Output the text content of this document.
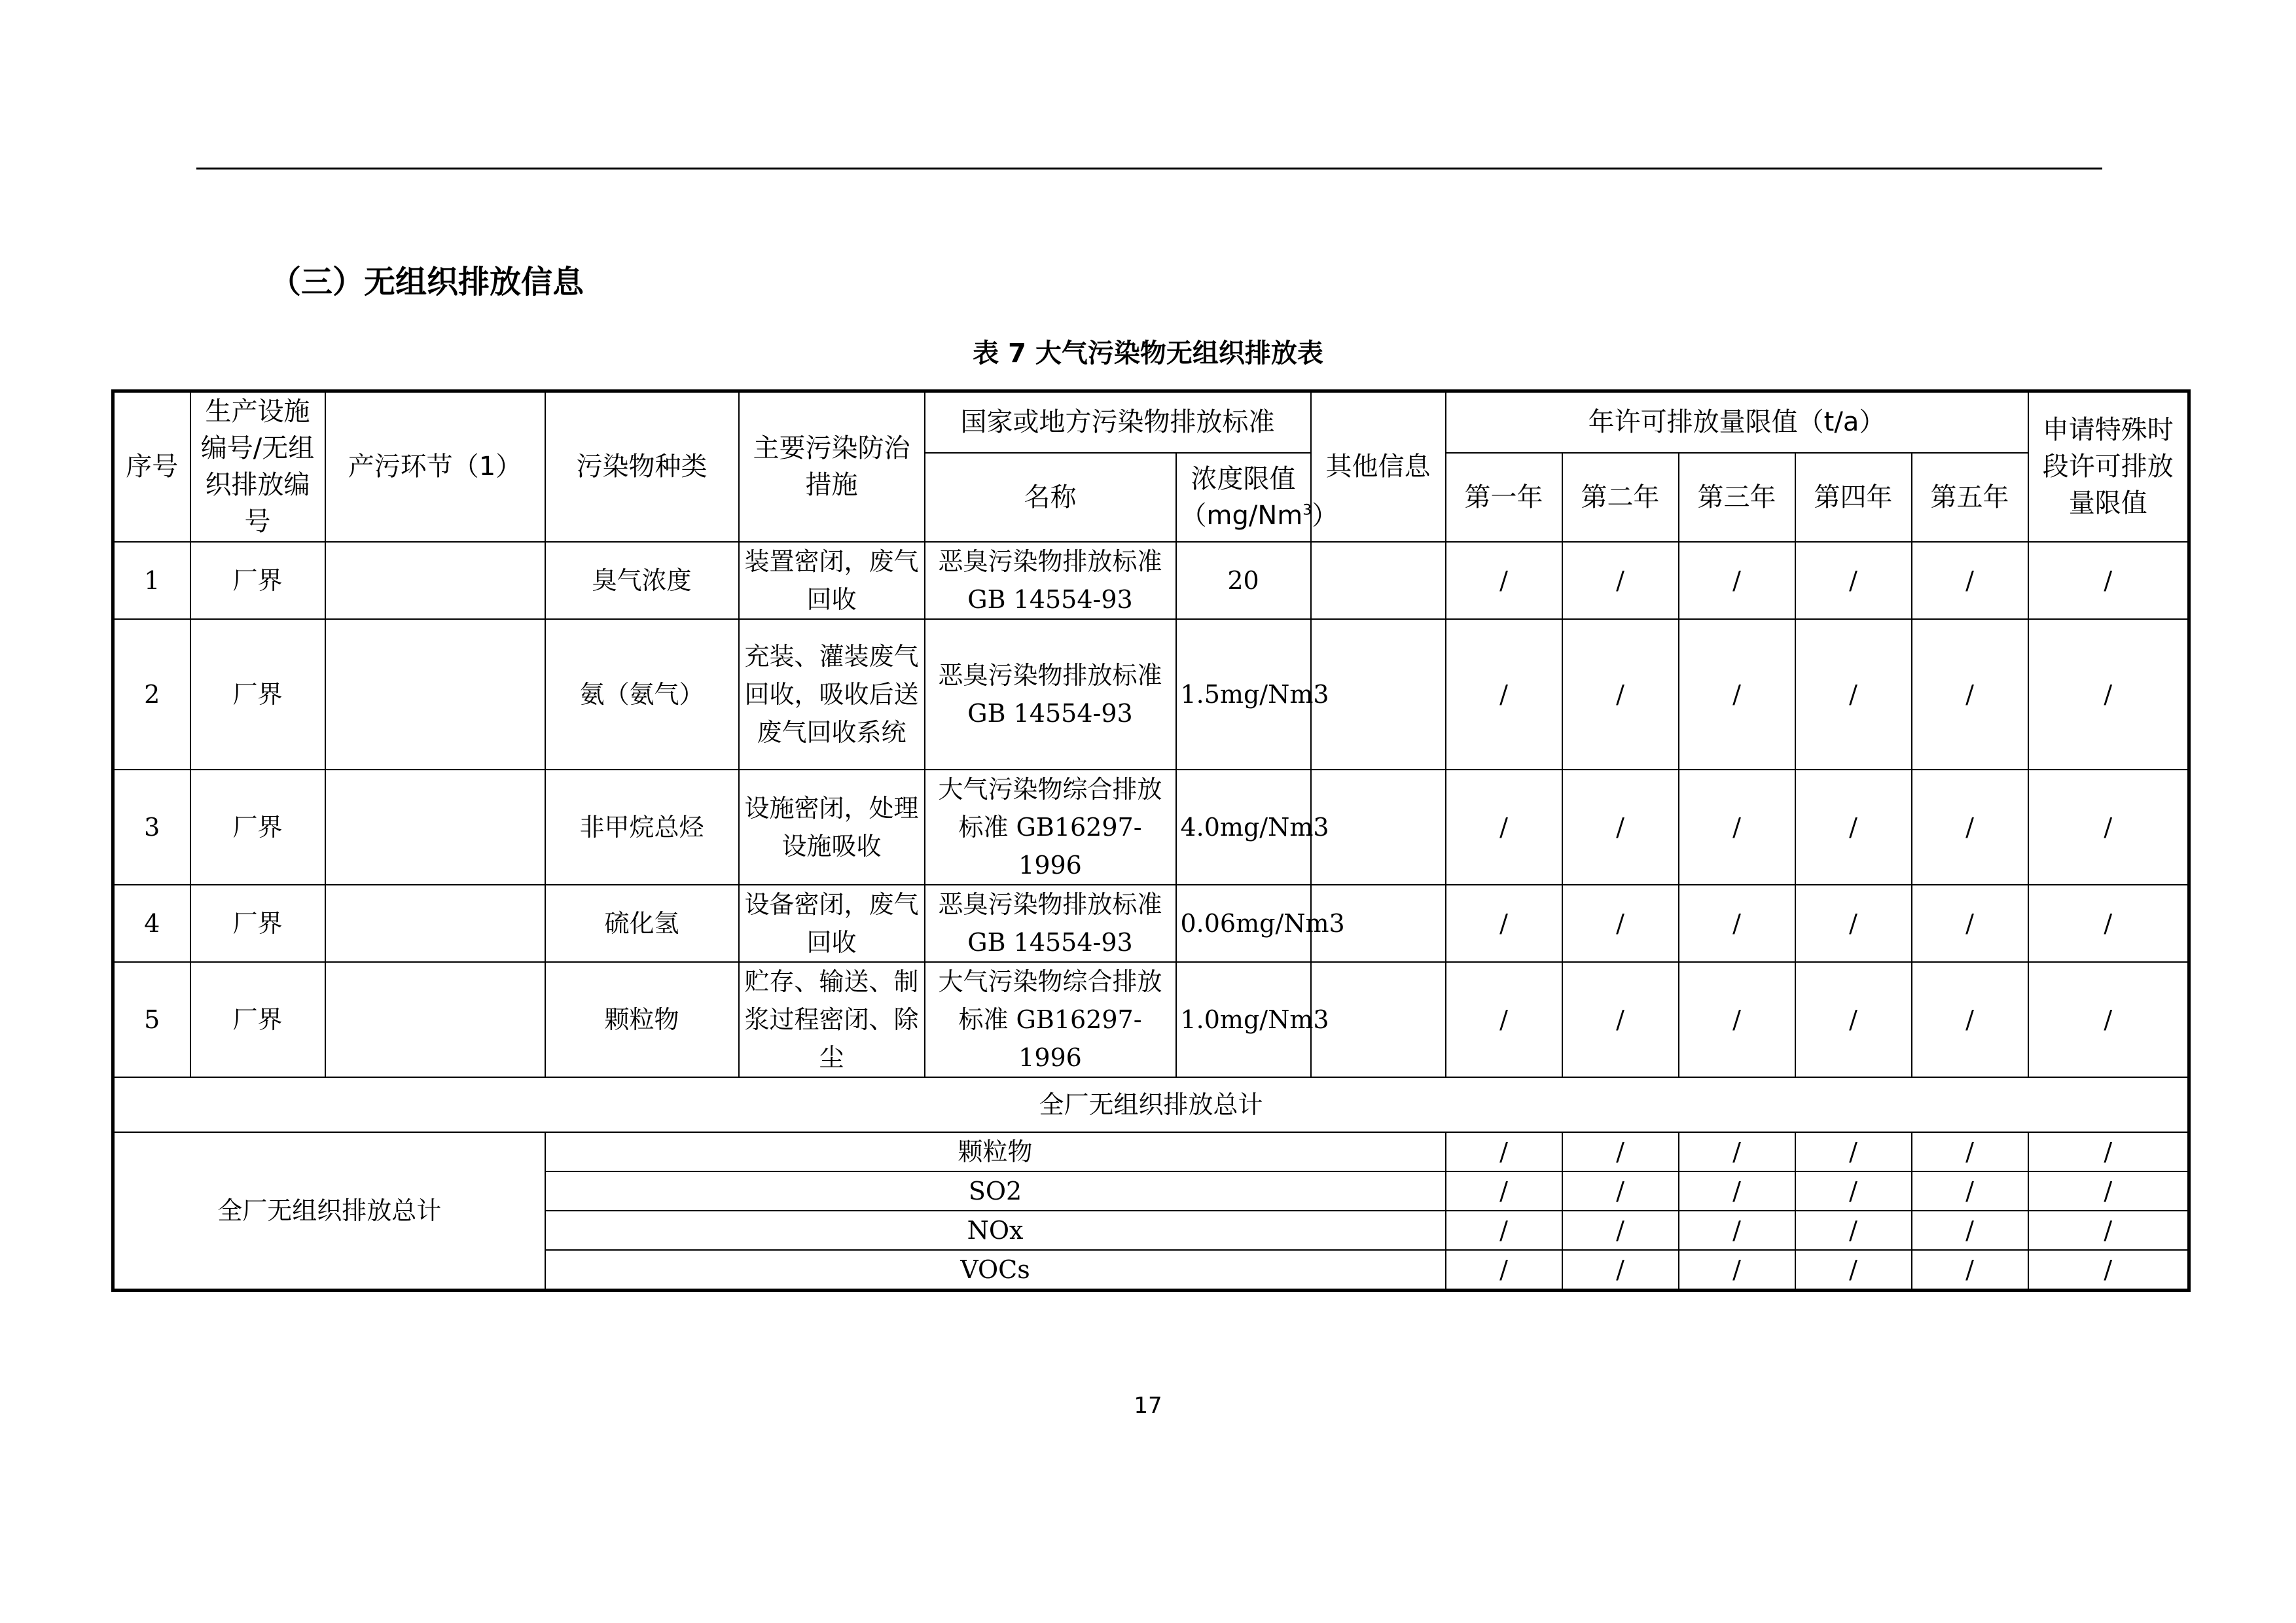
（三）无组织排放信息
表 7 大气污染物无组织排放表
序号	生产设施编号/无组织排放编号	产污环节（1）	污染物种类	主要污染防治措施	国家或地方污染物排放标准		其他信息	年许可排放量限值（t/a）					申请特殊时段许可排放量限值
					名称	浓度限值（mg/Nm$^3$）		第一年	第二年	第三年	第四年	第五年	
1	厂界		臭气浓度	装置密闭，废气回收	恶臭污染物排放标准 GB 14554-93	20		/	/	/	/	/	/
2	厂界		氨（氨气）	充装、灌装废气回收，吸收后送废气回收系统	恶臭污染物排放标准 GB 14554-93	1.5mg/Nm3		/	/	/	/	/	/
3	厂界		非甲烷总烃	设施密闭，处理设施吸收	大气污染物综合排放标准 GB16297-1996	4.0mg/Nm3		/	/	/	/	/	/
4	厂界		硫化氢	设备密闭，废气回收	恶臭污染物排放标准 GB 14554-93	0.06mg/Nm3		/	/	/	/	/	/
5	厂界		颗粒物	贮存、输送、制浆过程密闭、除尘	大气污染物综合排放标准 GB16297-1996	1.0mg/Nm3		/	/	/	/	/	/
全厂无组织排放总计													
全厂无组织排放总计			颗粒物					/	/	/	/	/	/
			SO2					/	/	/	/	/	/
			NOx					/	/	/	/	/	/
			VOCs					/	/	/	/	/	/
17
